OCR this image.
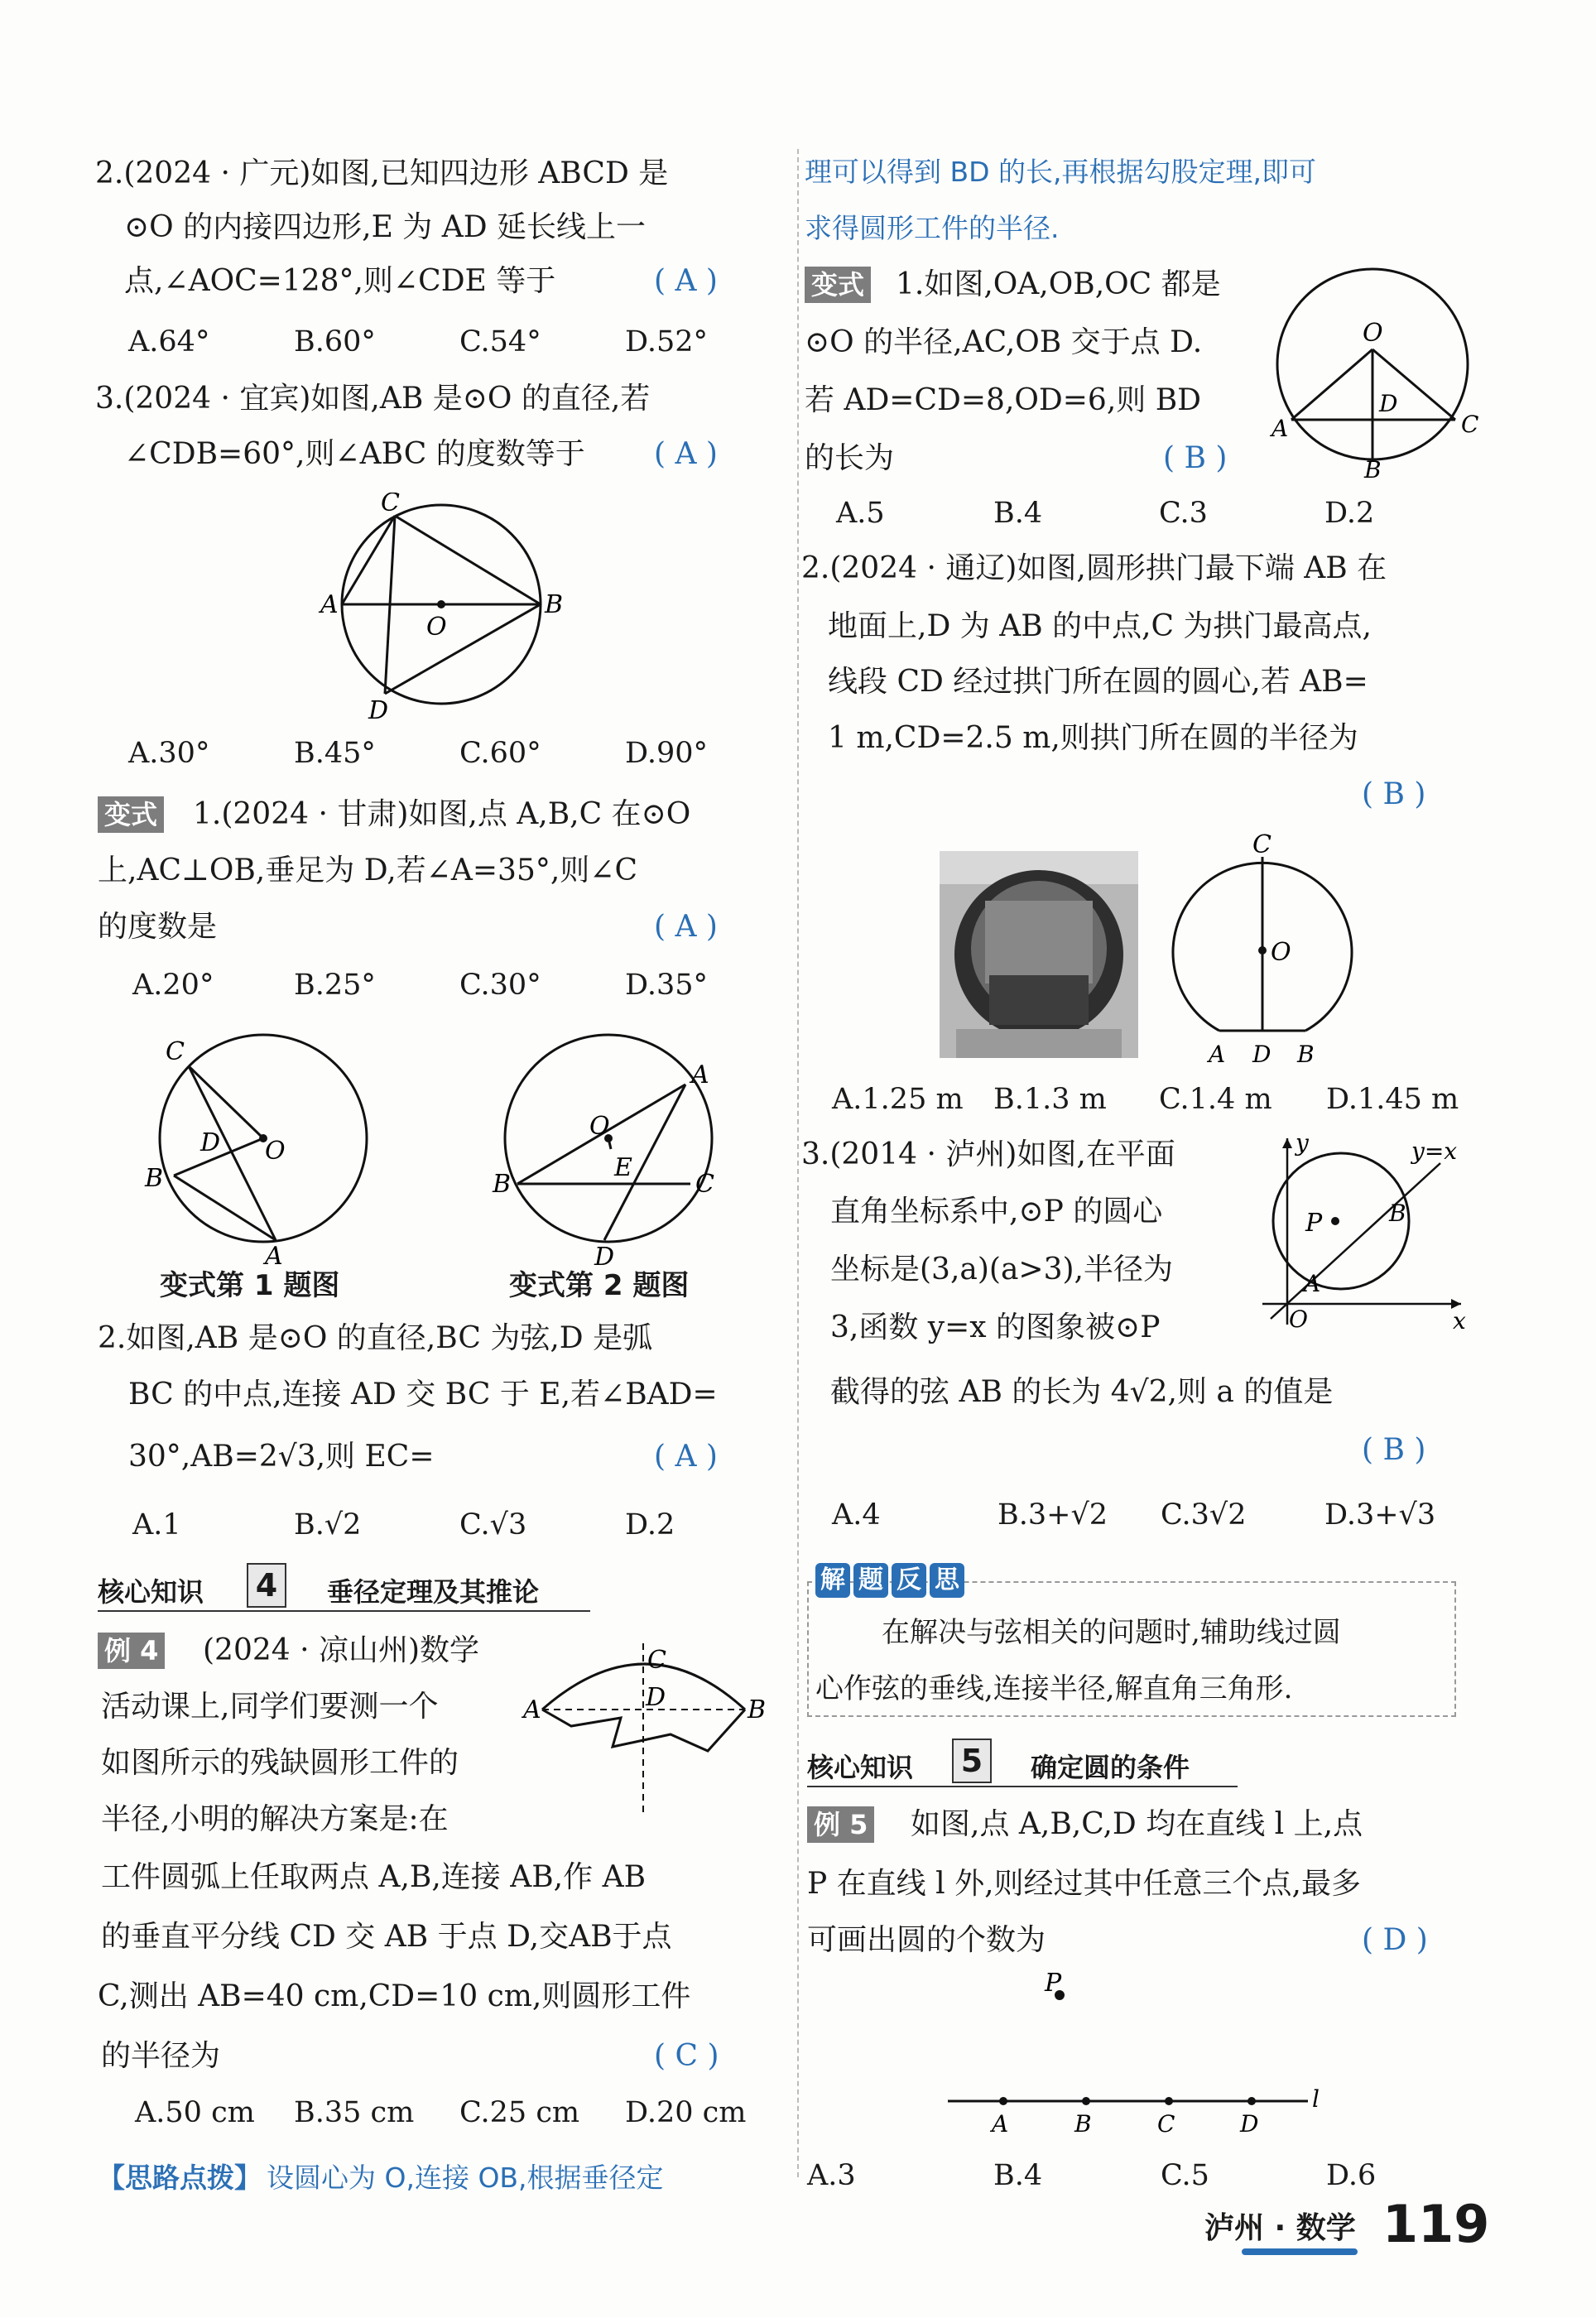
2.(2024 · 广元)如图,已知四边形 ABCD 是
⊙O 的内接四边形,E 为 AD 延长线上一
点,∠AOC=128°,则∠CDE 等于	( A )
A.64°	B.60°	C.54°	D.52°
3.(2024 · 宜宾)如图,AB 是⊙O 的直径,若
∠CDB=60°,则∠ABC 的度数等于 ( A )
C
A	B
O
D
A.30°	B.45°	C.60°	D.90°
变式 1.(2024 · 甘肃)如图,点 A,B,C 在⊙O
上,AC⊥OB,垂足为 D,若∠A=35°,则∠C
的度数是	( A )
A.20°	B.25°	C.30°	D.35°
C
D O
B
A
O
A
E
B	C
D
变式第 1 题图	变式第 2 题图
2.如图,AB 是⊙O 的直径,BC 为弦,D 是弧
BC 的中点,连接 AD 交 BC 于 E,若∠BAD=
30°,AB=2√3,则 EC=	( A )
A.1	B.√2	C.√3	D.2
核心知识 4	垂径定理及其推论
例 4 (2024 · 凉山州)数学
活动课上,同学们要测一个
如图所示的残缺圆形工件的
半径,小明的解决方案是:在
工件圆弧上任取两点 A,B,连接 AB,作 AB
的垂直平分线 CD 交 AB 于点 D,交AB于点
C,测出 AB=40 cm,CD=10 cm,则圆形工件
的半径为	( C )
C
D
A	B
A.50 cm B.35 cm C.25 cm D.20 cm
【思路点拨】 设圆心为 O,连接 OB,根据垂径定
理可以得到 BD 的长,再根据勾股定理,即可
求得圆形工件的半径.
变式 1.如图,OA,OB,OC 都是
⊙O 的半径,AC,OB 交于点 D.
若 AD=CD=8,OD=6,则 BD
的长为	( B )
O
D
A	C
B
A.5	B.4	C.3	D.2
2.(2024 · 通辽)如图,圆形拱门最下端 AB 在
地面上,D 为 AB 的中点,C 为拱门最高点,
线段 CD 经过拱门所在圆的圆心,若 AB=
1 m,CD=2.5 m,则拱门所在圆的半径为
( B )
C
O
A D B
A.1.25 m B.1.3 m C.1.4 m D.1.45 m
3.(2014 · 泸州)如图,在平面
直角坐标系中,⊙P 的圆心
坐标是(3,a)(a>3),半径为
3,函数 y=x 的图象被⊙P
截得的弦 AB 的长为 4√2,则 a 的值是
( B )
y	y=x
P	B
A
O	x
A.4	B.3+√2 C.3√2	D.3+√3
解 题 反 思
在解决与弦相关的问题时,辅助线过圆
心作弦的垂线,连接半径,解直角三角形.
核心知识 5	确定圆的条件
例 5 如图,点 A,B,C,D 均在直线 l 上,点
P 在直线 l 外,则经过其中任意三个点,最多
可画出圆的个数为	( D )
P
A	B	C	D
l
A.3	B.4	C.5	D.6
泸州 · 数学 119
